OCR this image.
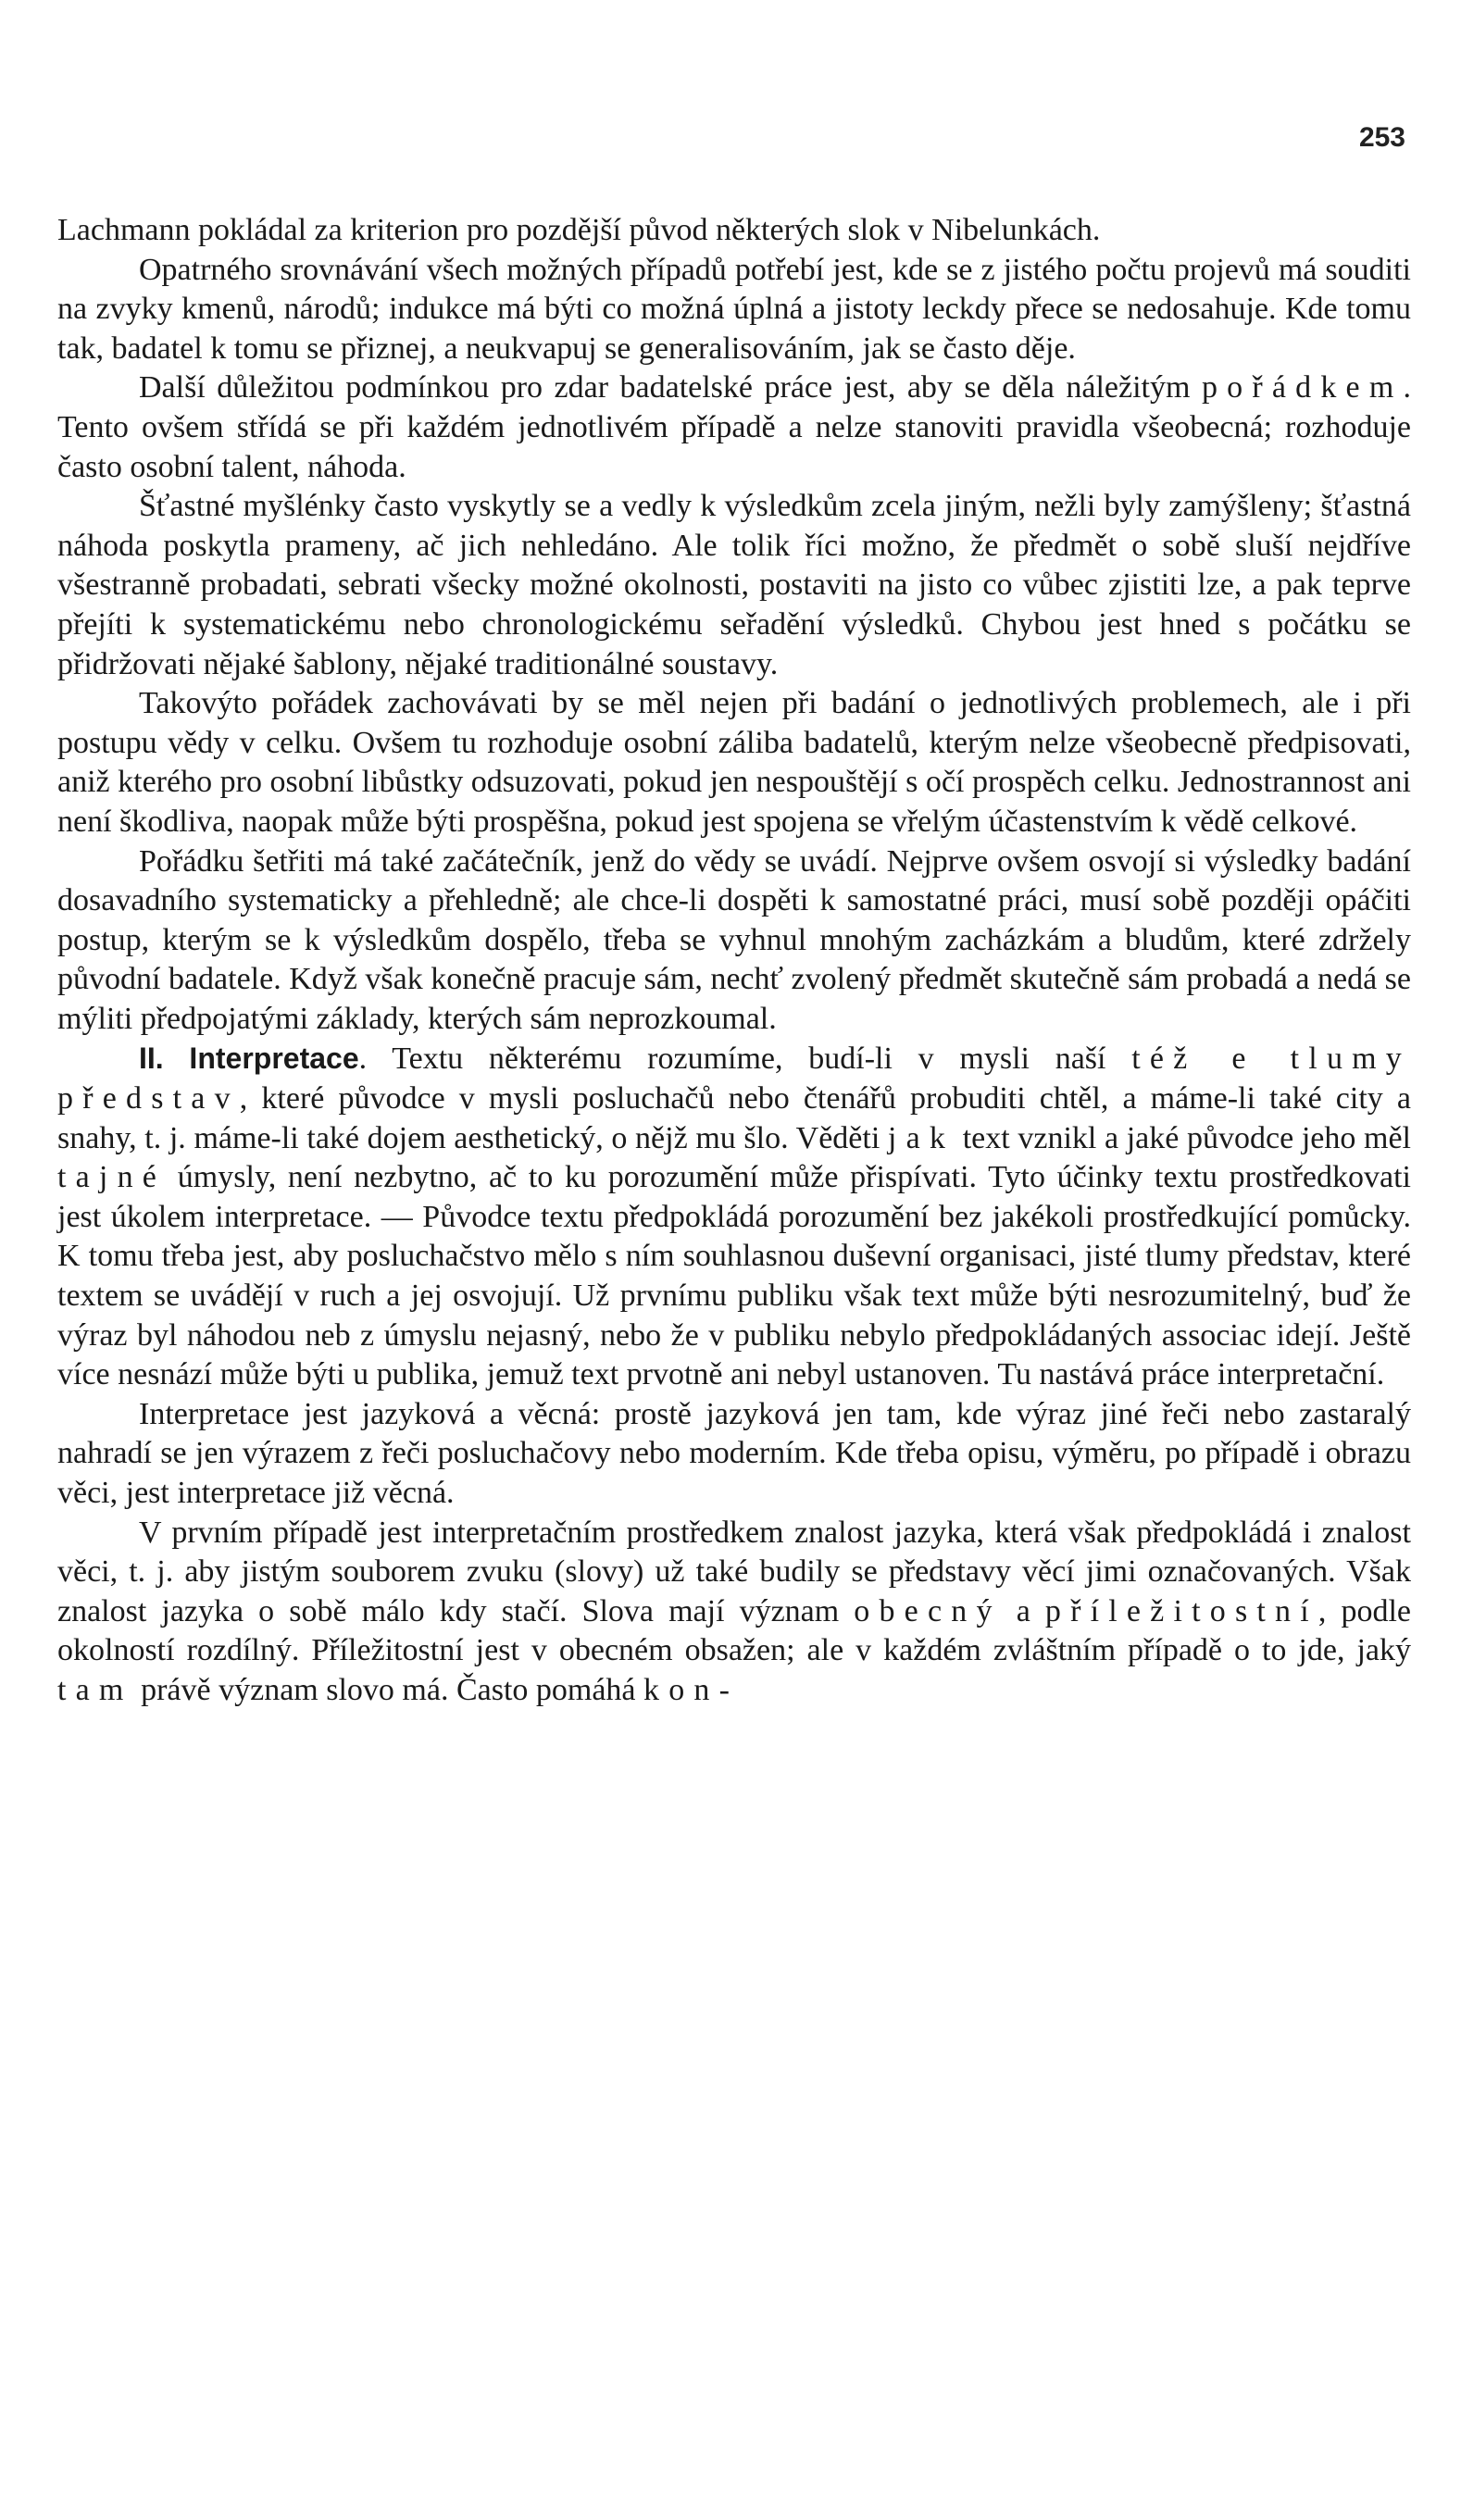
253

Lachmann pokládal za kriterion pro pozdější původ některých slok v Nibelunkách.

Opatrného srovnávání všech možných případů potřebí jest, kde se z jistého počtu projevů má souditi na zvyky kmenů, národů; indukce má býti co možná úplná a jistoty leckdy přece se nedosahuje. Kde tomu tak, badatel k tomu se přiznej, a neukvapuj se generalisováním, jak se často děje.

Další důležitou podmínkou pro zdar badatelské práce jest, aby se děla náležitým pořádkem. Tento ovšem střídá se při každém jednotlivém případě a nelze stanoviti pravidla všeobecná; rozhoduje často osobní talent, náhoda.

Šťastné myšlénky často vyskytly se a vedly k výsledkům zcela jiným, nežli byly zamýšleny; šťastná náhoda poskytla prameny, ač jich nehledáno. Ale tolik říci možno, že předmět o sobě sluší nejdříve všestranně probadati, sebrati všecky možné okolnosti, postaviti na jisto co vůbec zjistiti lze, a pak teprve přejíti k systematickému nebo chronologickému seřadění výsledků. Chybou jest hned s počátku se přidržovati nějaké šablony, nějaké traditionálné soustavy.

Takovýto pořádek zachovávati by se měl nejen při badání o jednotlivých problemech, ale i při postupu vědy v celku. Ovšem tu rozhoduje osobní záliba badatelů, kterým nelze všeobecně předpisovati, aniž kterého pro osobní libůstky odsuzovati, pokud jen nespouštějí s očí prospěch celku. Jednostrannost ani není škodliva, naopak může býti prospěšna, pokud jest spojena se vřelým účastenstvím k vědě celkové.

Pořádku šetřiti má také začátečník, jenž do vědy se uvádí. Nejprve ovšem osvojí si výsledky badání dosavadního systematicky a přehledně; ale chce-li dospěti k samostatné práci, musí sobě později opáčiti postup, kterým se k výsledkům dospělo, třeba se vyhnul mnohým zacházkám a bludům, které zdržely původní badatele. Když však konečně pracuje sám, nechť zvolený předmět skutečně sám probadá a nedá se mýliti předpojatými základy, kterých sám neprozkoumal.

II. Interpretace. Textu některému rozumíme, budí-li v mysli naší též e tlumy představ, které původce v mysli posluchačů nebo čtenářů probuditi chtěl, a máme-li také city a snahy, t. j. máme-li také dojem aesthetický, o nějž mu šlo. Věděti jak text vznikl a jaké původce jeho měl tajné úmysly, není nezbytno, ač to ku porozumění může přispívati. Tyto účinky textu prostředkovati jest úkolem interpretace. — Původce textu předpokládá porozumění bez jakékoli prostředkující pomůcky. K tomu třeba jest, aby posluchačstvo mělo s ním souhlasnou duševní organisaci, jisté tlumy představ, které textem se uvádějí v ruch a jej osvojují. Už prvnímu publiku však text může býti nesrozumitelný, buď že výraz byl náhodou neb z úmyslu nejasný, nebo že v publiku nebylo předpokládaných associac idejí. Ještě více nesnází může býti u publika, jemuž text prvotně ani nebyl ustanoven. Tu nastává práce interpretační.

Interpretace jest jazyková a věcná: prostě jazyková jen tam, kde výraz jiné řeči nebo zastaralý nahradí se jen výrazem z řeči posluchačovy nebo moderním. Kde třeba opisu, výměru, po případě i obrazu věci, jest interpretace již věcná.

V prvním případě jest interpretačním prostředkem znalost jazyka, která však předpokládá i znalost věci, t. j. aby jistým souborem zvuku (slovy) už také budily se představy věcí jimi označovaných. Však znalost jazyka o sobě málo kdy stačí. Slova mají význam obecný a příležitostní, podle okolností rozdílný. Příležitostní jest v obecném obsažen; ale v každém zvláštním případě o to jde, jaký tam právě význam slovo má. Často pomáhá kon-
